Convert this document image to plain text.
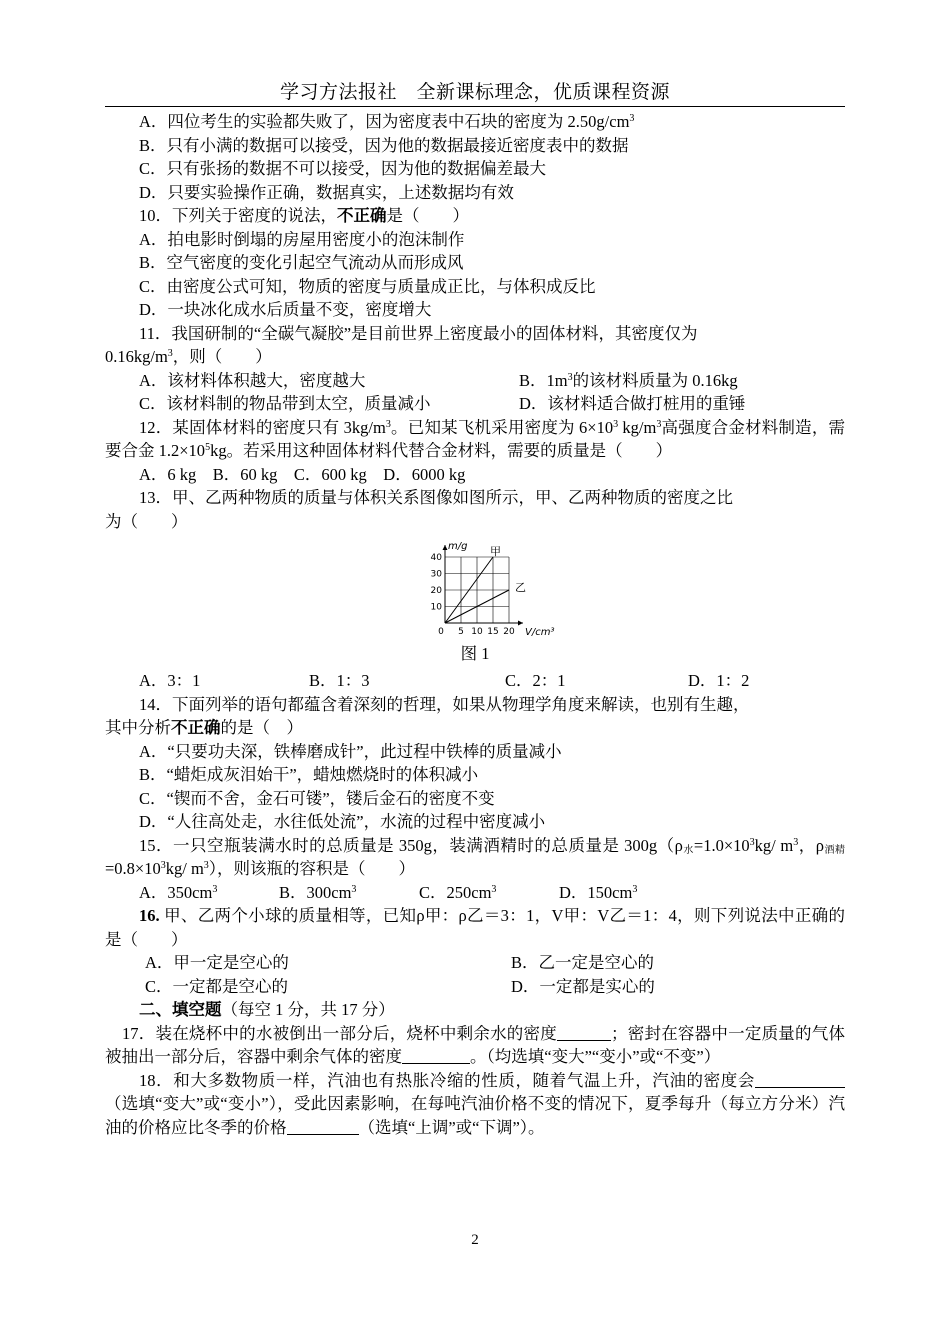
学习方法报社　全新课标理念，优质课程资源
A．四位考生的实验都失败了，因为密度表中石块的密度为 $2.50g/cm^3$
B．只有小满的数据可以接受，因为他的数据最接近密度表中的数据
C．只有张扬的数据不可以接受，因为他的数据偏差最大
D．只要实验操作正确，数据真实，上述数据均有效
10．下列关于密度的说法，不正确是（　　）
A．拍电影时倒塌的房屋用密度小的泡沫制作
B．空气密度的变化引起空气流动从而形成风
C．由密度公式可知，物质的密度与质量成正比，与体积成反比
D．一块冰化成水后质量不变，密度增大
11．我国研制的“全碳气凝胶”是目前世界上密度最小的固体材料，其密度仅为
$0.16kg/m^3$，则（　　）
A．该材料体积越大，密度越大	B．$1m^3$的该材料质量为 0.16kg
C．该材料制的物品带到太空，质量减小	D．该材料适合做打桩用的重锤
12．某固体材料的密度只有 $3kg/m^3$。已知某飞机采用密度为 $6\times 10^3$ $kg/m^3$高强度合金材料制造，需要合金 $1.2\times 10^5kg$。若采用这种固体材料代替合金材料，需要的质量是（　　）
A．6 kg　B．60 kg　C．600 kg　D．6000 kg
13．甲、乙两种物质的质量与体积关系图像如图所示，甲、乙两种物质的密度之比
为（　　）
甲
乙
0 5 10 15 20
10
20
30
40
m/g
V/cm³
图 1
A．3：1	B．1：3	C．2：1	D．1：2
14．下面列举的语句都蕴含着深刻的哲理，如果从物理学角度来解读，也别有生趣，
其中分析不正确的是（　）
A．“只要功夫深，铁棒磨成针”，此过程中铁棒的质量减小
B．“蜡炬成灰泪始干”，蜡烛燃烧时的体积减小
C．“锲而不舍，金石可镂”，镂后金石的密度不变
D．“人往高处走，水往低处流”，水流的过程中密度减小
15．一只空瓶装满水时的总质量是 350g，装满酒精时的总质量是 $300g(\rho_水=1.0\times 10^3kg/$ $m^3$，$\rho_{酒精}=0.8\times 10^3kg/$ $m^3$），则该瓶的容积是（　　）
A．$350cm^3$	B．$300cm^3$	C．$250cm^3$	D．$150cm^3$
16. 甲、乙两个小球的质量相等，已知ρ甲：ρ乙＝3：1，V甲：V乙＝1：4，则下列说法中正确的是（　　）
A．甲一定是空心的	B．乙一定是空心的
C．一定都是空心的	D．一定都是实心的
二、填空题（每空 1 分，共 17 分）
17．装在烧杯中的水被倒出一部分后，烧杯中剩余水的密度	；密封在容器中一定质量的气体被抽出一部分后，容器中剩余气体的密度	。（均选填“变大”“变小”或“不变”）
18．和大多数物质一样，汽油也有热胀冷缩的性质，随着气温上升，汽油的密度会（选填“变大”或“变小”），受此因素影响，在每吨汽油价格不变的情况下，夏季每升（每立方分米）汽油的价格应比冬季的价格	（选填“上调”或“下调”）。
2
